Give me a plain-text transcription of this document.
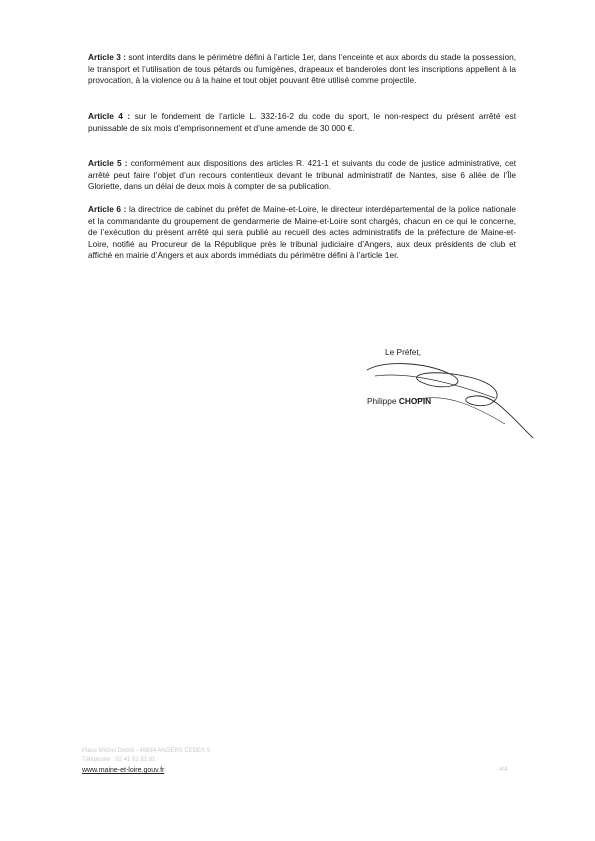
Article 3 : sont interdits dans le périmètre défini à l’article 1er, dans l’enceinte et aux abords du stade la possession, le transport et l’utilisation de tous pétards ou fumigènes, drapeaux et banderoles dont les inscriptions appellent à la provocation, à la violence ou à la haine et tout objet pouvant être utilisé comme projectile.

Article 4 : sur le fondement de l’article L. 332-16-2 du code du sport, le non-respect du présent arrêté est punissable de six mois d’emprisonnement et d’une amende de 30 000 €.

Article 5 : conformément aux dispositions des articles R. 421-1 et suivants du code de justice administrative, cet arrêté peut faire l’objet d’un recours contentieux devant le tribunal administratif de Nantes, sise 6 allée de l’Île Gloriette, dans un délai de deux mois à compter de sa publication.

Article 6 : la directrice de cabinet du préfet de Maine-et-Loire, le directeur interdépartemental de la police nationale et la commandante du groupement de gendarmerie de Maine-et-Loire sont chargés, chacun en ce qui le concerne, de l’exécution du présent arrêté qui sera publié au recueil des actes administratifs de la préfecture de Maine-et-Loire, notifié au Procureur de la République près le tribunal judiciaire d’Angers, aux deux présidents de club et affiché en mairie d’Angers et aux abords immédiats du périmètre défini à l’article 1er.

Le Préfet,
Philippe CHOPIN
Place Michel Debré - 49934 ANGERS CEDEX 9
Téléphone : 02 41 81 81 81
www.maine-et-loire.gouv.fr	4/4
